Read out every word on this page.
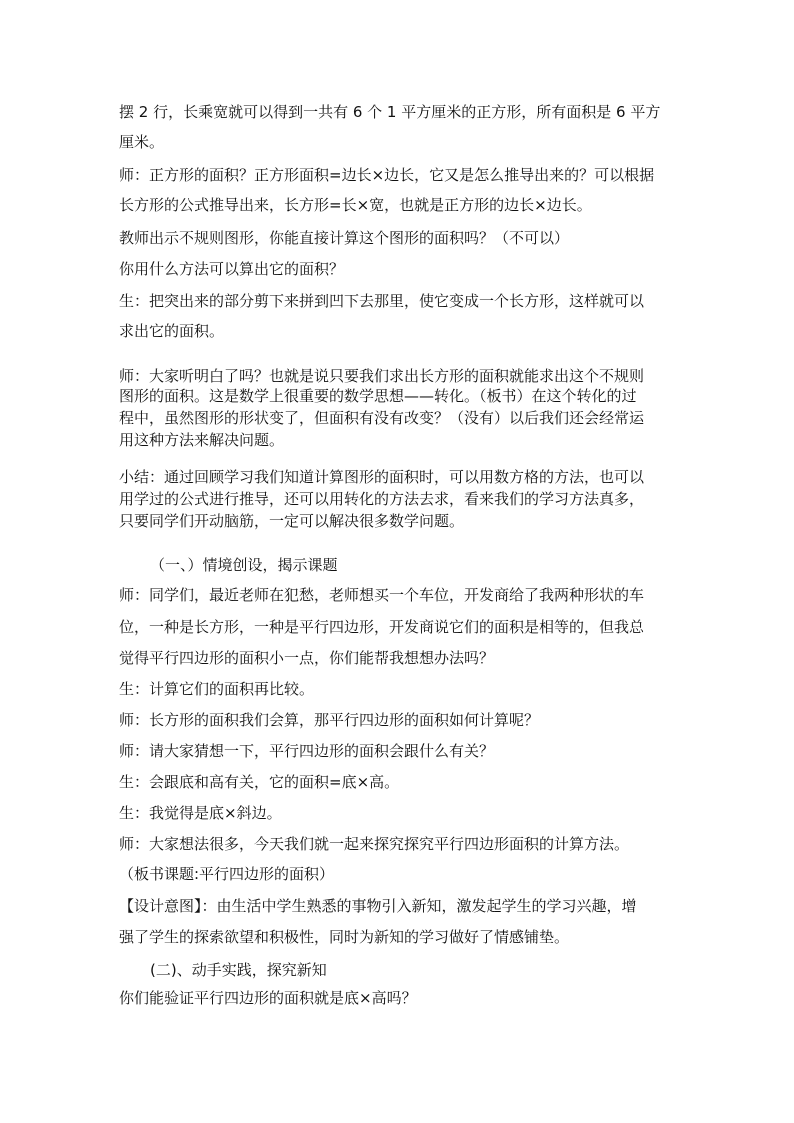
摆 2 行，长乘宽就可以得到一共有 6 个 1 平方厘米的正方形，所有面积是 6 平方
厘米。
师：正方形的面积？正方形面积=边长×边长，它又是怎么推导出来的？可以根据
长方形的公式推导出来，长方形=长×宽，也就是正方形的边长×边长。
教师出示不规则图形，你能直接计算这个图形的面积吗？（不可以）
你用什么方法可以算出它的面积？
生：把突出来的部分剪下来拼到凹下去那里，使它变成一个长方形，这样就可以
求出它的面积。
师：大家听明白了吗？也就是说只要我们求出长方形的面积就能求出这个不规则
图形的面积。这是数学上很重要的数学思想——转化。（板书）在这个转化的过
程中，虽然图形的形状变了，但面积有没有改变？（没有）以后我们还会经常运
用这种方法来解决问题。
小结：通过回顾学习我们知道计算图形的面积时，可以用数方格的方法，也可以
用学过的公式进行推导，还可以用转化的方法去求，看来我们的学习方法真多，
只要同学们开动脑筋，一定可以解决很多数学问题。
（一、）情境创设，揭示课题
师：同学们，最近老师在犯愁，老师想买一个车位，开发商给了我两种形状的车
位，一种是长方形，一种是平行四边形，开发商说它们的面积是相等的，但我总
觉得平行四边形的面积小一点，你们能帮我想想办法吗？
生：计算它们的面积再比较。
师：长方形的面积我们会算，那平行四边形的面积如何计算呢？
师：请大家猜想一下，平行四边形的面积会跟什么有关？
生：会跟底和高有关，它的面积=底×高。
生：我觉得是底×斜边。
师：大家想法很多，今天我们就一起来探究探究平行四边形面积的计算方法。
（板书课题:平行四边形的面积）
【设计意图】：由生活中学生熟悉的事物引入新知，激发起学生的学习兴趣，增
强了学生的探索欲望和积极性，同时为新知的学习做好了情感铺垫。
(二)、动手实践，探究新知
你们能验证平行四边形的面积就是底×高吗？
